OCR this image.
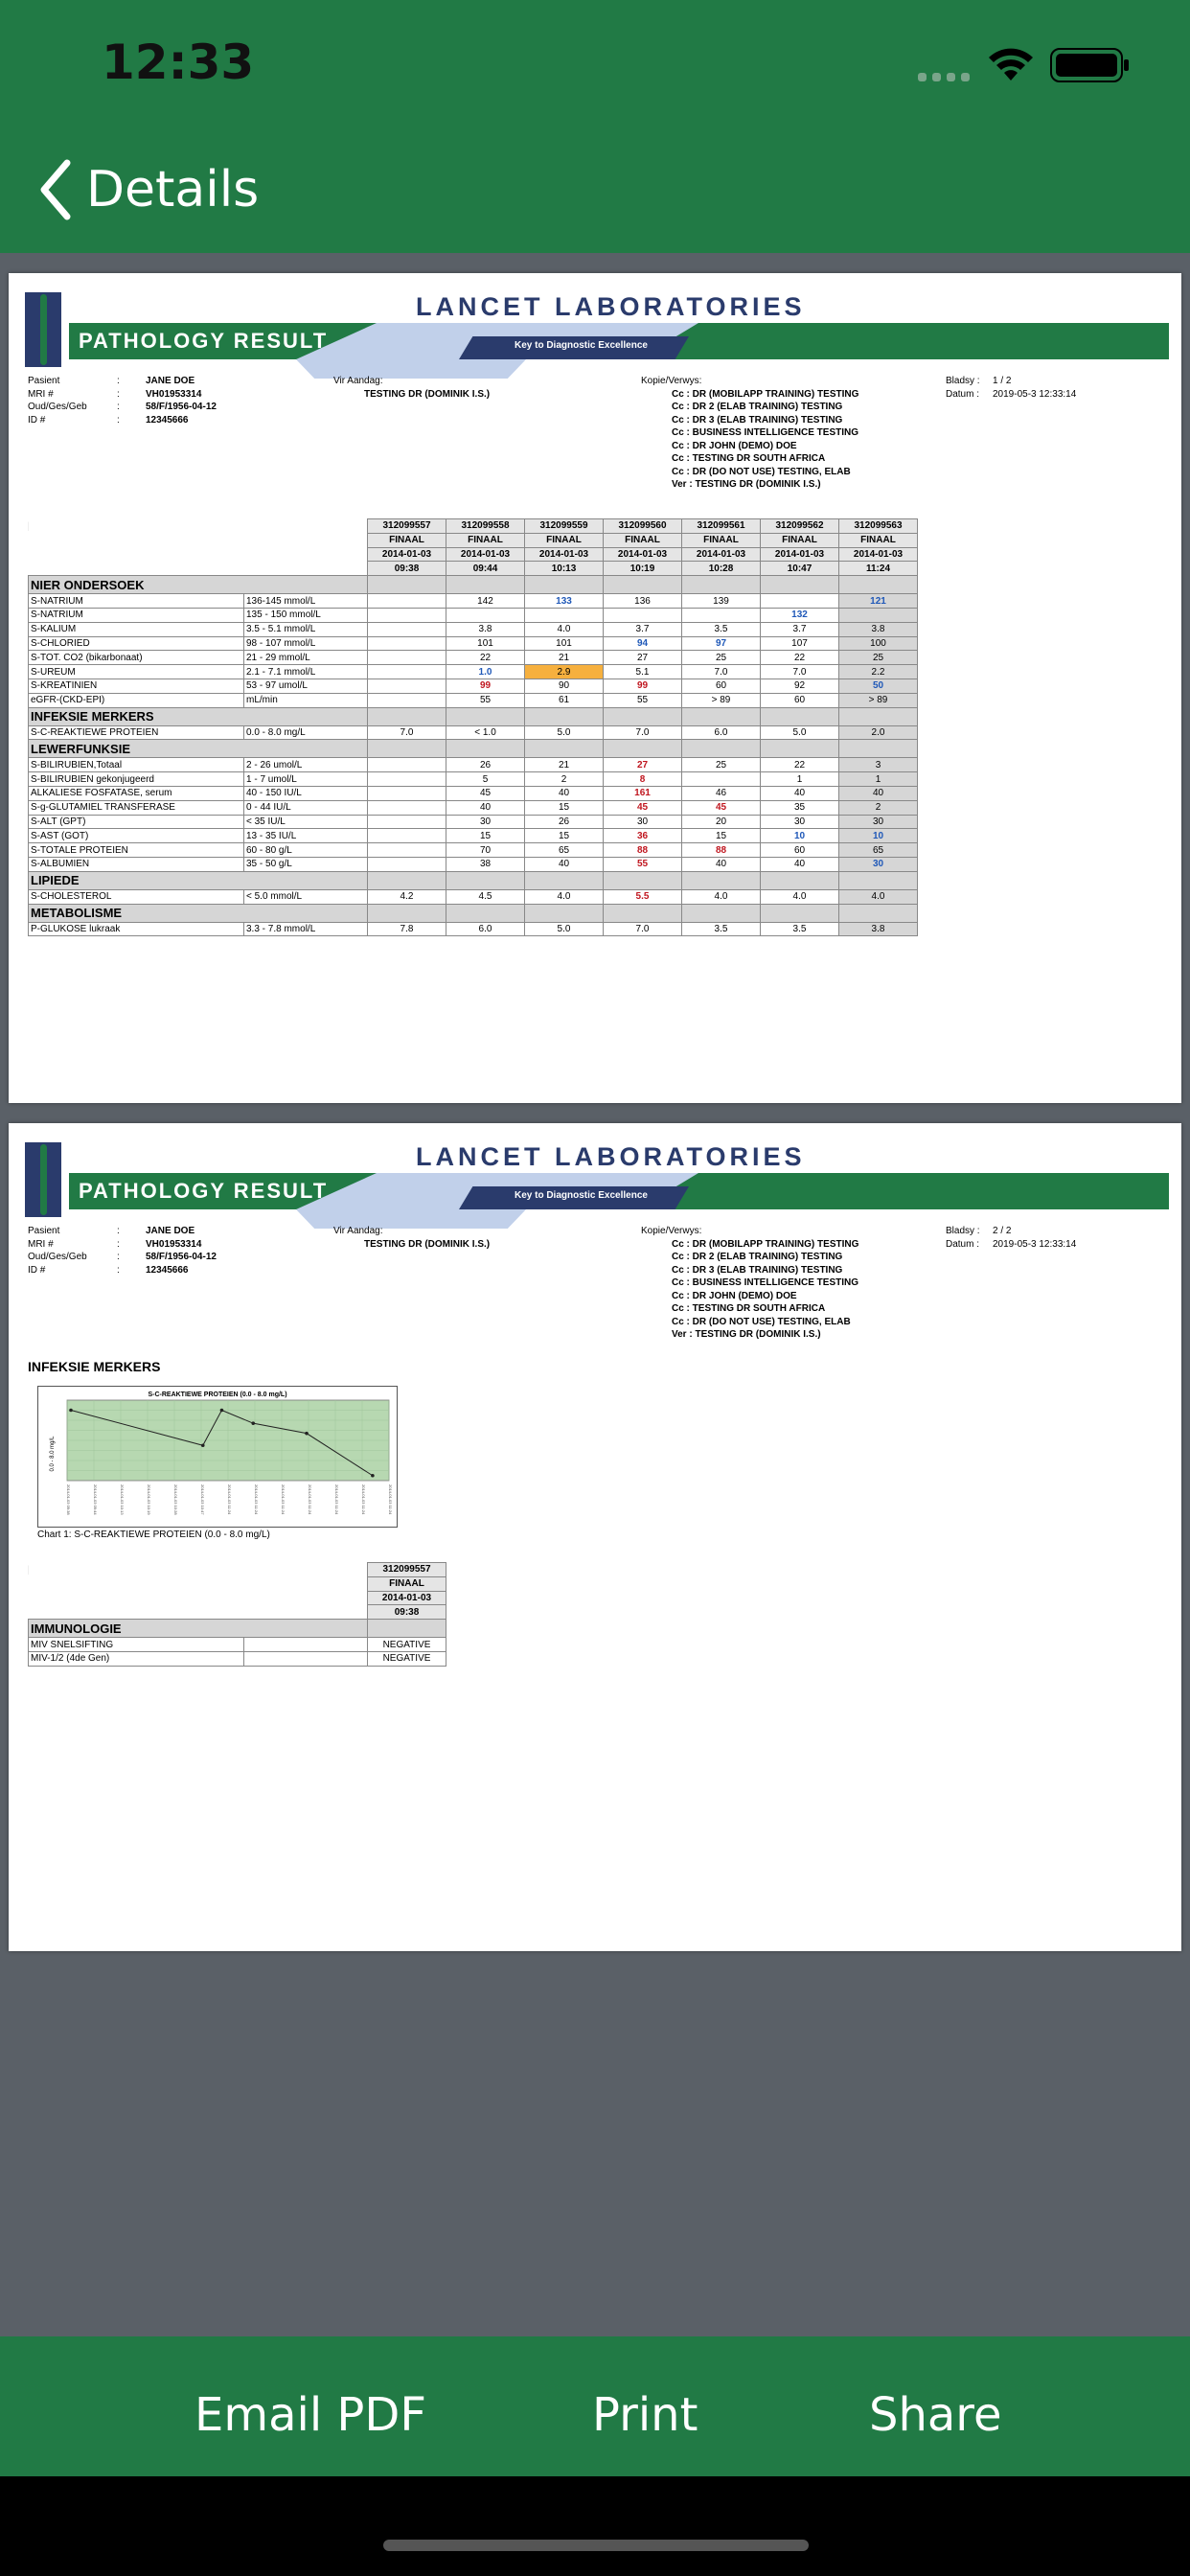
12:33
Details
Key to Diagnostic Excellence
LANCET LABORATORIES
PATHOLOGY RESULT
Pasient	:	JANE DOE
MRI #	:	VH01953314
Oud/Ges/Geb	:	58/F/1956-04-12
ID #	:	12345666
Vir Aandag:
TESTING DR (DOMINIK I.S.)
Kopie/Verwys:
Cc : DR (MOBILAPP TRAINING) TESTING
Cc : DR 2 (ELAB TRAINING) TESTING
Cc : DR 3 (ELAB TRAINING) TESTING
Cc : BUSINESS INTELLIGENCE TESTING
Cc : DR JOHN (DEMO) DOE
Cc : TESTING DR SOUTH AFRICA
Cc : DR (DO NOT USE) TESTING, ELAB
Ver : TESTING DR (DOMINIK I.S.)
Bladsy :	1 / 2
Datum :	2019-05-3 12:33:14
		312099557	312099558	312099559	312099560	312099561	312099562	312099563
		FINAAL	FINAAL	FINAAL	FINAAL	FINAAL	FINAAL	FINAAL
		2014-01-03	2014-01-03	2014-01-03	2014-01-03	2014-01-03	2014-01-03	2014-01-03
		09:38	09:44	10:13	10:19	10:28	10:47	11:24
NIER ONDERSOEK								
S-NATRIUM	136-145 mmol/L		142	133	136	139		121
S-NATRIUM	135 - 150 mmol/L						132	
S-KALIUM	3.5 - 5.1 mmol/L		3.8	4.0	3.7	3.5	3.7	3.8
S-CHLORIED	98 - 107 mmol/L		101	101	94	97	107	100
S-TOT. CO2 (bikarbonaat)	21 - 29 mmol/L		22	21	27	25	22	25
S-UREUM	2.1 - 7.1 mmol/L		1.0	2.9	5.1	7.0	7.0	2.2
S-KREATINIEN	53 - 97 umol/L		99	90	99	60	92	50
eGFR-(CKD-EPI)	mL/min		55	61	55	> 89	60	> 89
INFEKSIE MERKERS								
S-C-REAKTIEWE PROTEIEN	0.0 - 8.0 mg/L	7.0	< 1.0	5.0	7.0	6.0	5.0	2.0
LEWERFUNKSIE								
S-BILIRUBIEN,Totaal	2 - 26 umol/L		26	21	27	25	22	3
S-BILIRUBIEN gekonjugeerd	1 - 7 umol/L		5	2	8		1	1
ALKALIESE FOSFATASE, serum	40 - 150 IU/L		45	40	161	46	40	40
S-g-GLUTAMIEL TRANSFERASE	0 - 44 IU/L		40	15	45	45	35	2
S-ALT (GPT)	< 35 IU/L		30	26	30	20	30	30
S-AST (GOT)	13 - 35 IU/L		15	15	36	15	10	10
S-TOTALE PROTEIEN	60 - 80 g/L		70	65	88	88	60	65
S-ALBUMIEN	35 - 50 g/L		38	40	55	40	40	30
LIPIEDE								
S-CHOLESTEROL	< 5.0 mmol/L	4.2	4.5	4.0	5.5	4.0	4.0	4.0
METABOLISME								
P-GLUKOSE lukraak	3.3 - 7.8 mmol/L	7.8	6.0	5.0	7.0	3.5	3.5	3.8
Key to Diagnostic Excellence
LANCET LABORATORIES
PATHOLOGY RESULT
Pasient	:	JANE DOE
MRI #	:	VH01953314
Oud/Ges/Geb	:	58/F/1956-04-12
ID #	:	12345666
Vir Aandag:
TESTING DR (DOMINIK I.S.)
Kopie/Verwys:
Cc : DR (MOBILAPP TRAINING) TESTING
Cc : DR 2 (ELAB TRAINING) TESTING
Cc : DR 3 (ELAB TRAINING) TESTING
Cc : BUSINESS INTELLIGENCE TESTING
Cc : DR JOHN (DEMO) DOE
Cc : TESTING DR SOUTH AFRICA
Cc : DR (DO NOT USE) TESTING, ELAB
Ver : TESTING DR (DOMINIK I.S.)
Bladsy :	2 / 2
Datum :	2019-05-3 12:33:14
INFEKSIE MERKERS
S-C-REAKTIEWE PROTEIEN (0.0 - 8.0 mg/L)
0.0 - 8.0 mg/L
2014-01-03 09:38	2014-01-03 09:44	2014-01-03 10:13	2014-01-03 10:19	2014-01-03 10:28	2014-01-03 10:47	2014-01-03 11:24	2014-01-03 11:24	2014-01-03 11:24	2014-01-03 11:24	2014-01-03 11:24	2014-01-03 11:24	2014-01-03 11:24
Chart 1: S-C-REAKTIEWE PROTEIEN (0.0 - 8.0 mg/L)
		312099557
		FINAAL
		2014-01-03
		09:38
IMMUNOLOGIE		
MIV SNELSIFTING		NEGATIVE
MIV-1/2 (4de Gen)		NEGATIVE
Email PDF	Print	Share
